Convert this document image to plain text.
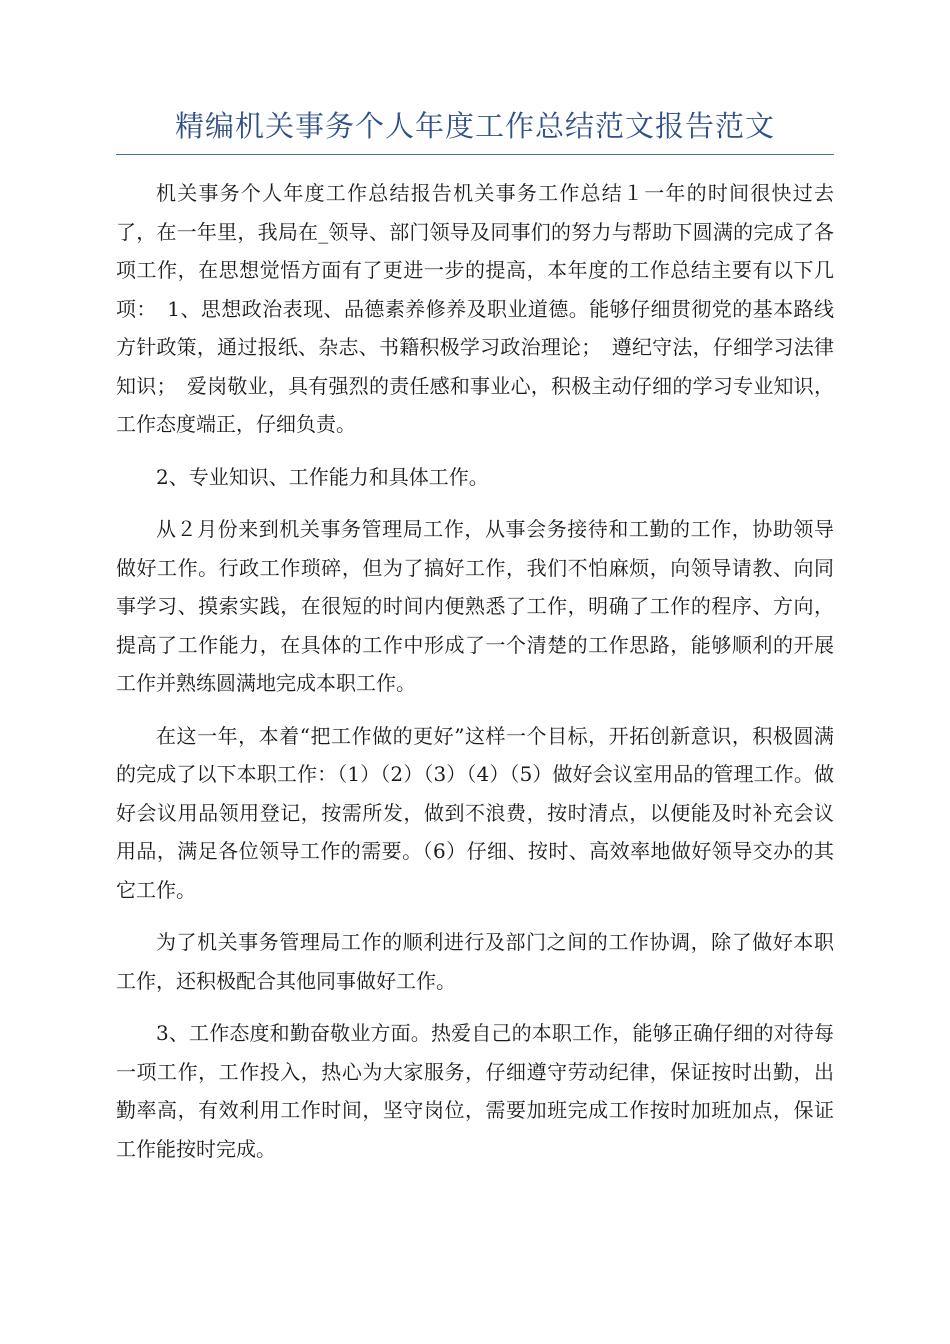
精编机关事务个人年度工作总结范文报告范文

机关事务个人年度工作总结报告机关事务工作总结１一年的时间很快过去了，在一年里，我局在_领导、部门领导及同事们的努力与帮助下圆满的完成了各项工作，在思想觉悟方面有了更进一步的提高，本年度的工作总结主要有以下几项：　1、思想政治表现、品德素养修养及职业道德。能够仔细贯彻党的基本路线方针政策，通过报纸、杂志、书籍积极学习政治理论；　遵纪守法，仔细学习法律知识；　爱岗敬业，具有强烈的责任感和事业心，积极主动仔细的学习专业知识，工作态度端正，仔细负责。

2、专业知识、工作能力和具体工作。

从２月份来到机关事务管理局工作，从事会务接待和工勤的工作，协助领导做好工作。行政工作琐碎，但为了搞好工作，我们不怕麻烦，向领导请教、向同事学习、摸索实践，在很短的时间内便熟悉了工作，明确了工作的程序、方向，提高了工作能力，在具体的工作中形成了一个清楚的工作思路，能够顺利的开展工作并熟练圆满地完成本职工作。

在这一年，本着“把工作做的更好”这样一个目标，开拓创新意识，积极圆满的完成了以下本职工作：（1）（2）（3）（4）（5）做好会议室用品的管理工作。做好会议用品领用登记，按需所发，做到不浪费，按时清点，以便能及时补充会议用品，满足各位领导工作的需要。（6）仔细、按时、高效率地做好领导交办的其它工作。

为了机关事务管理局工作的顺利进行及部门之间的工作协调，除了做好本职工作，还积极配合其他同事做好工作。

3、工作态度和勤奋敬业方面。热爱自己的本职工作，能够正确仔细的对待每一项工作，工作投入，热心为大家服务，仔细遵守劳动纪律，保证按时出勤，出勤率高，有效利用工作时间，坚守岗位，需要加班完成工作按时加班加点，保证工作能按时完成。
